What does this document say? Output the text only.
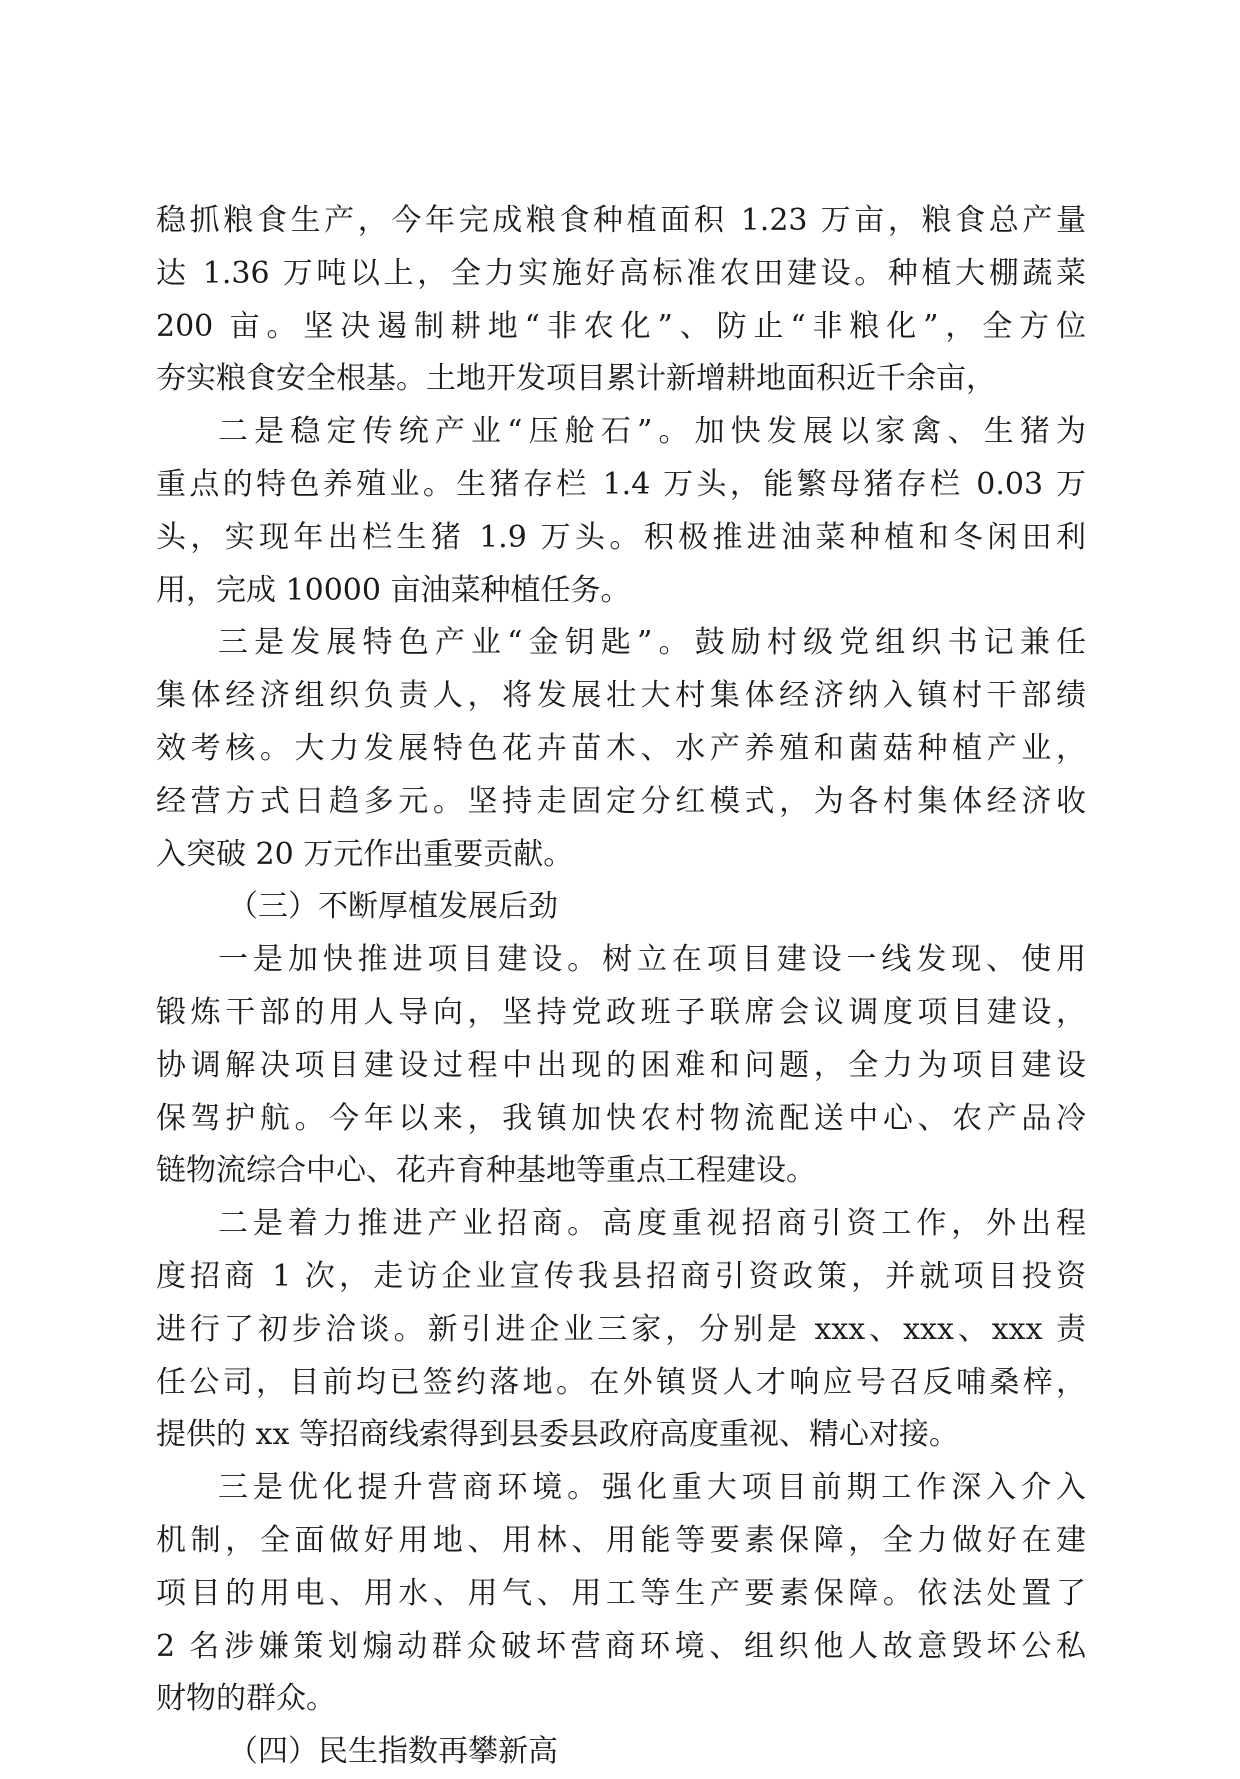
稳抓粮食生产，今年完成粮食种植面积 1.23 万亩，粮食总产量
达 1.36 万吨以上，全力实施好高标准农田建设。种植大棚蔬菜
200 亩。坚决遏制耕地“非农化”、防止“非粮化”，全方位
夯实粮食安全根基。土地开发项目累计新增耕地面积近千余亩，
二是稳定传统产业“压舱石”。加快发展以家禽、生猪为
重点的特色养殖业。生猪存栏 1.4 万头，能繁母猪存栏 0.03 万
头，实现年出栏生猪 1.9 万头。积极推进油菜种植和冬闲田利
用，完成 10000 亩油菜种植任务。
三是发展特色产业“金钥匙”。鼓励村级党组织书记兼任
集体经济组织负责人，将发展壮大村集体经济纳入镇村干部绩
效考核。大力发展特色花卉苗木、水产养殖和菌菇种植产业，
经营方式日趋多元。坚持走固定分红模式，为各村集体经济收
入突破 20 万元作出重要贡献。
（三）不断厚植发展后劲
一是加快推进项目建设。树立在项目建设一线发现、使用
锻炼干部的用人导向，坚持党政班子联席会议调度项目建设，
协调解决项目建设过程中出现的困难和问题，全力为项目建设
保驾护航。今年以来，我镇加快农村物流配送中心、农产品冷
链物流综合中心、花卉育种基地等重点工程建设。
二是着力推进产业招商。高度重视招商引资工作，外出程
度招商 1 次，走访企业宣传我县招商引资政策，并就项目投资
进行了初步洽谈。新引进企业三家，分别是 xxx、xxx、xxx 责
任公司，目前均已签约落地。在外镇贤人才响应号召反哺桑梓，
提供的 xx 等招商线索得到县委县政府高度重视、精心对接。
三是优化提升营商环境。强化重大项目前期工作深入介入
机制，全面做好用地、用林、用能等要素保障，全力做好在建
项目的用电、用水、用气、用工等生产要素保障。依法处置了
2 名涉嫌策划煽动群众破坏营商环境、组织他人故意毁坏公私
财物的群众。
（四）民生指数再攀新高
